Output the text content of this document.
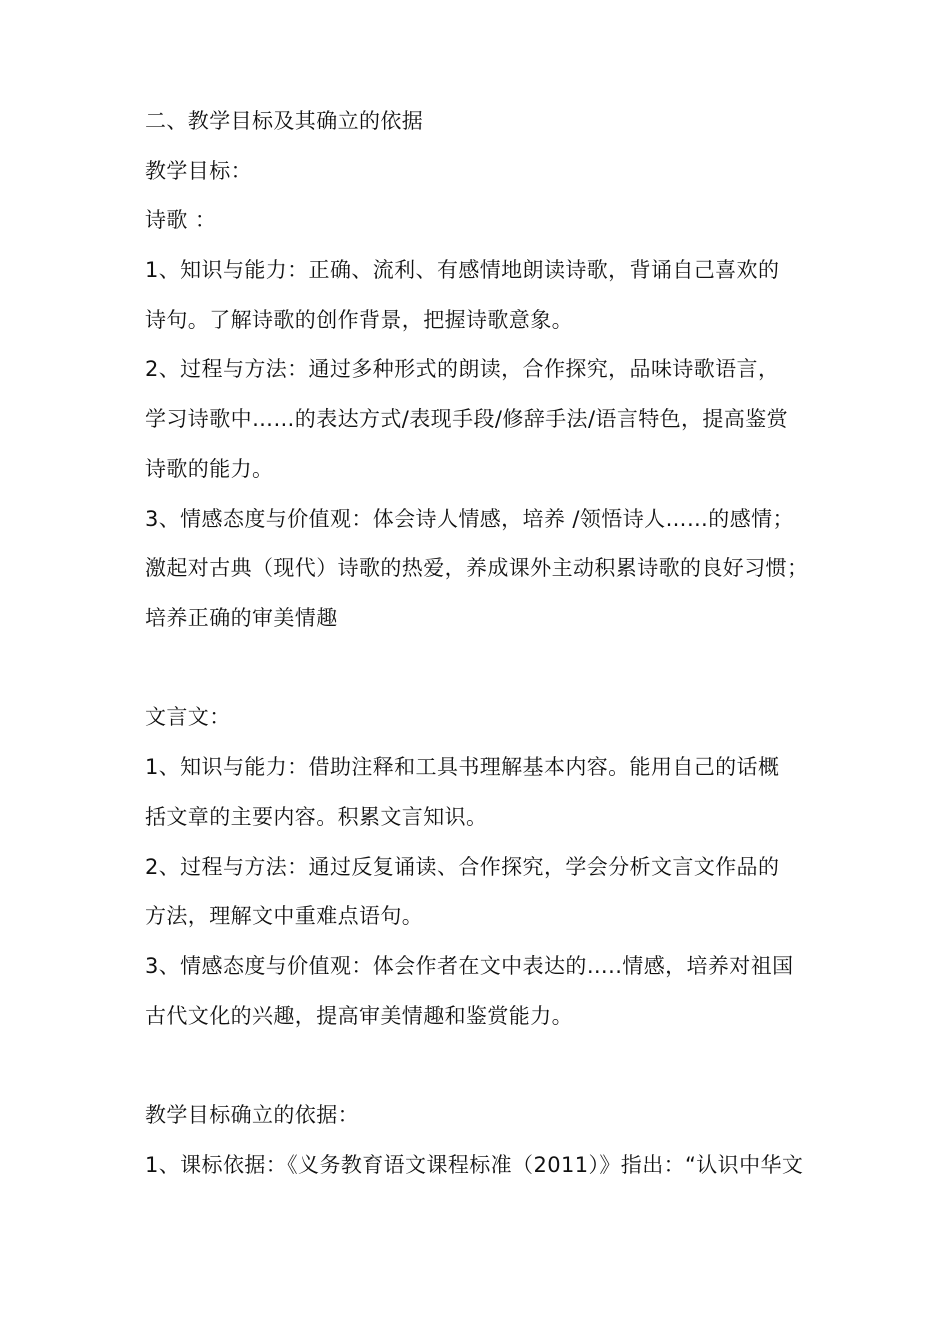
二、教学目标及其确立的依据
教学目标：
诗歌 ：
1、知识与能力：正确、流利、有感情地朗读诗歌，背诵自己喜欢的
诗句。了解诗歌的创作背景，把握诗歌意象。
2、过程与方法：通过多种形式的朗读，合作探究，品味诗歌语言，
学习诗歌中……的表达方式/表现手段/修辞手法/语言特色，提高鉴赏
诗歌的能力。
3、情感态度与价值观：体会诗人情感，培养 /领悟诗人……的感情；
激起对古典（现代）诗歌的热爱，养成课外主动积累诗歌的良好习惯；
培养正确的审美情趣
文言文：
1、知识与能力：借助注释和工具书理解基本内容。能用自己的话概
括文章的主要内容。积累文言知识。
2、过程与方法：通过反复诵读、合作探究，学会分析文言文作品的
方法，理解文中重难点语句。
3、情感态度与价值观：体会作者在文中表达的…..情感，培养对祖国
古代文化的兴趣，提高审美情趣和鉴赏能力。
教学目标确立的依据：
1、课标依据：《义务教育语文课程标准（2011）》指出：“认识中华文
